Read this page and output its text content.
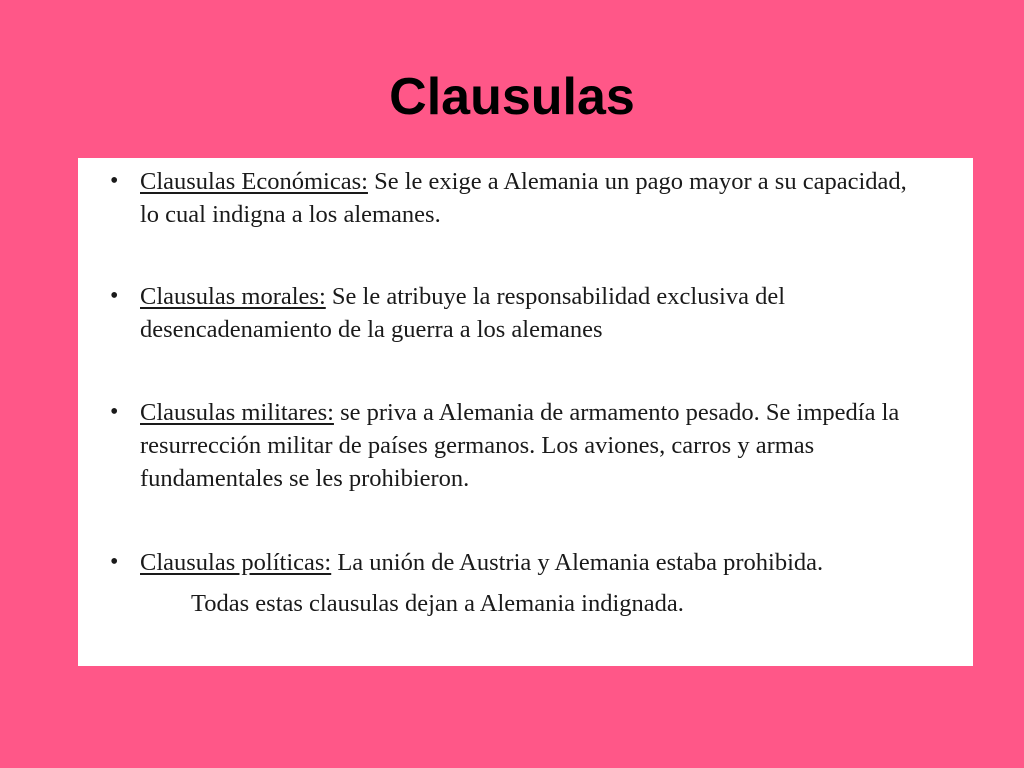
Clausulas
• Clausulas Económicas: Se le exige a Alemania un pago mayor a su capacidad, lo cual indigna a los alemanes.
• Clausulas morales: Se le atribuye la responsabilidad exclusiva del desencadenamiento de la guerra a los alemanes
• Clausulas militares: se priva a Alemania de armamento pesado. Se impedía la resurrección militar de países germanos. Los aviones, carros y armas fundamentales se les prohibieron.
• Clausulas políticas: La unión de Austria y Alemania estaba prohibida.

Todas estas clausulas dejan a Alemania indignada.
